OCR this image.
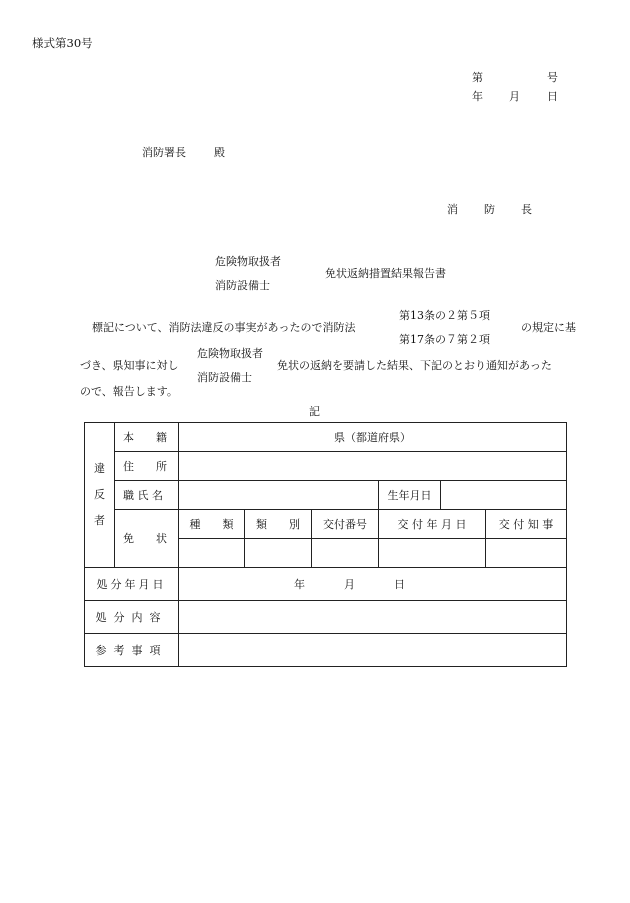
様式第30号
第	号
年 月 日
消防署長	殿
消 防 長
危険物取扱者
消防設備士
免状返納措置結果報告書
標記について、消防法違反の事実があったので消防法
第13条の２第５項
第17条の７第２項
の規定に基
づき、県知事に対し
危険物取扱者
消防設備士
免状の返納を要請した結果、下記のとおり通知があった
ので、報告します。
記
違
反
者	本　　籍	県（都道府県）					
	住　　所						
	職 氏 名				生年月日		
	免　　状	種　　類	類　　別	交付番号	交 付 年 月 日		交 付 知 事

処分年月日		年 月 日					

処分内容							
参考事項							
